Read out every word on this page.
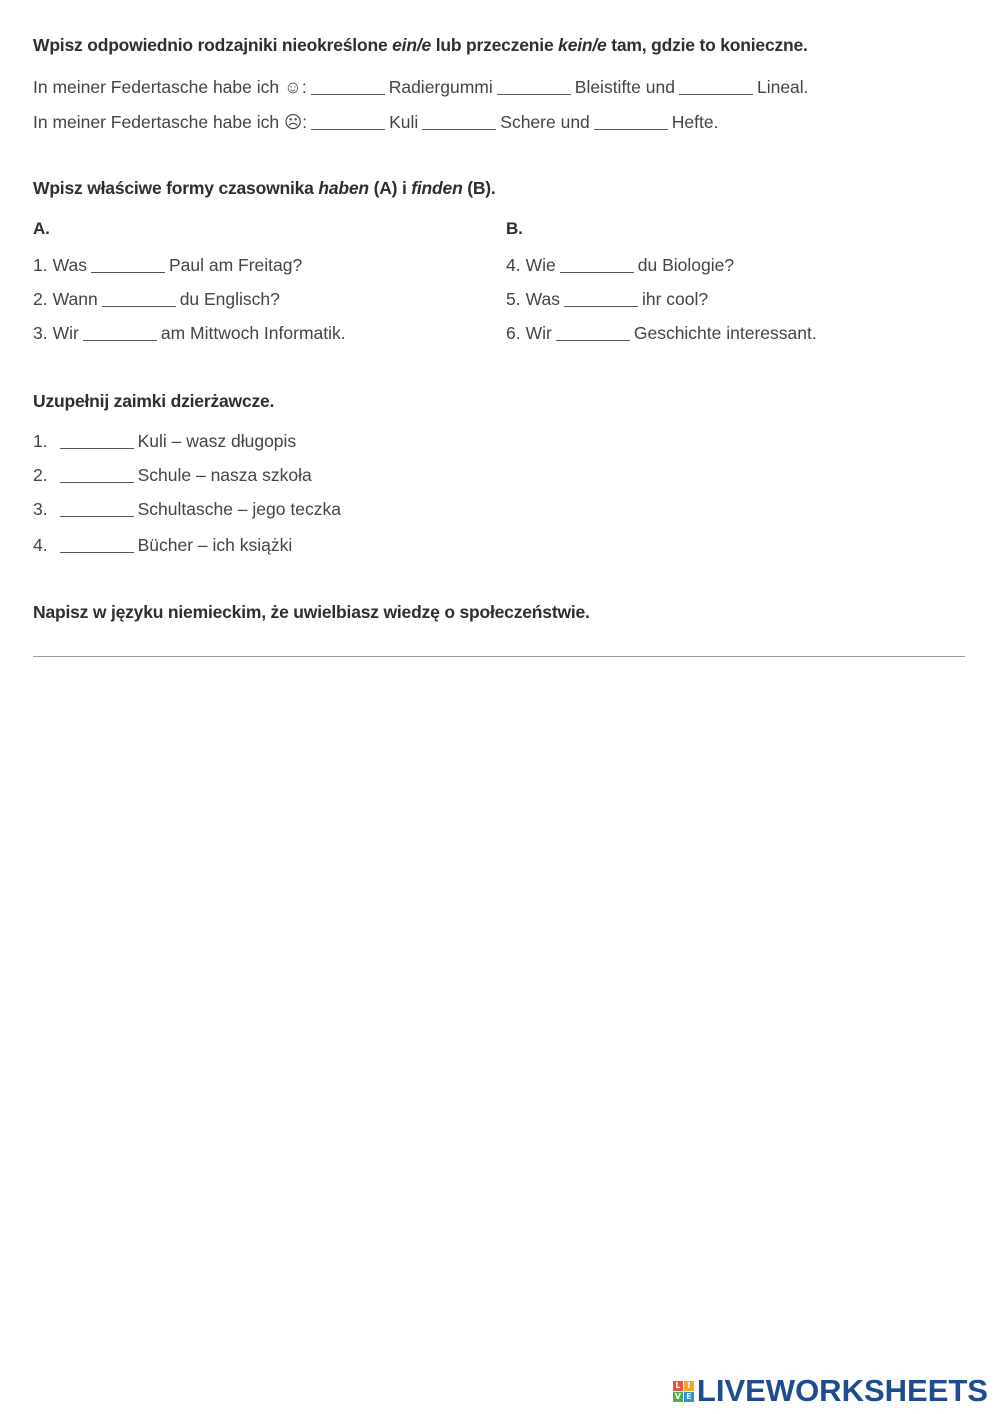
Wpisz odpowiednio rodzajniki nieokreślone ein/e lub przeczenie kein/e tam, gdzie to konieczne.
In meiner Federtasche habe ich ☺:	Radiergummi	Bleistifte und	Lineal.
In meiner Federtasche habe ich ☹:	Kuli	Schere und	Hefte.
Wpisz właściwe formy czasownika haben (A) i finden (B).
A.	B.
1. Was	Paul am Freitag?
2. Wann	du Englisch?
3. Wir	am Mittwoch Informatik.
4. Wie	du Biologie?
5. Was	ihr cool?
6. Wir	Geschichte interessant.
Uzupełnij zaimki dzierżawcze.
1.	Kuli – wasz długopis
2.	Schule – nasza szkoła
3.	Schultasche – jego teczka
4.	Bücher – ich książki
Napisz w języku niemieckim, że uwielbiasz wiedzę o społeczeństwie.
L I
V E LIVEWORKSHEETS
